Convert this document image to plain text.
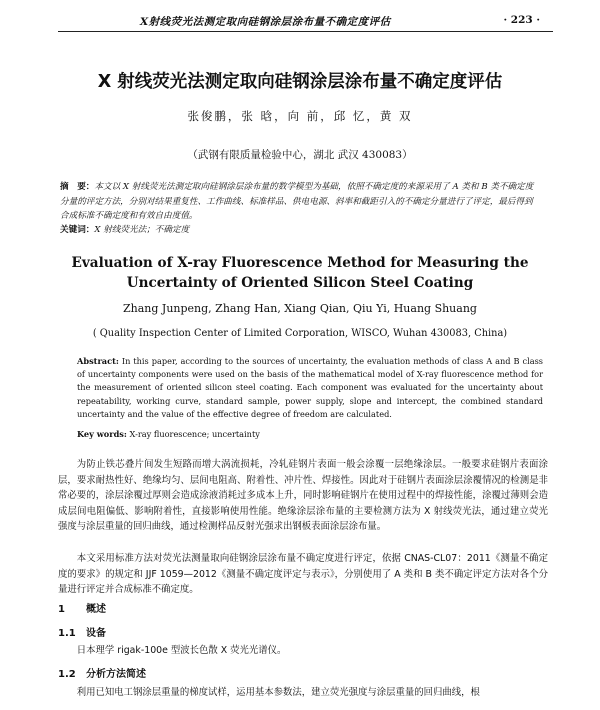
X射线荧光法测定取向硅钢涂层涂布量不确定度评估	· 223 ·
X 射线荧光法测定取向硅钢涂层涂布量不确定度评估
张俊鹏，张 晗，向 前，邱 忆，黄 双
（武钢有限质量检验中心，湖北 武汉 430083）
摘　要：本文以 X 射线荧光法测定取向硅钢涂层涂布量的数学模型为基础，依照不确定度的来源采用了 A 类和 B 类不确定度分量的评定方法，分别对结果重复性、工作曲线、标准样品、供电电源、斜率和截距引入的不确定分量进行了评定，最后得到合成标准不确定度和有效自由度值。
关键词：X 射线荧光法；不确定度
Evaluation of X-ray Fluorescence Method for Measuring the
Uncertainty of Oriented Silicon Steel Coating
Zhang Junpeng, Zhang Han, Xiang Qian, Qiu Yi, Huang Shuang
( Quality Inspection Center of Limited Corporation, WISCO, Wuhan 430083, China)
Abstract: In this paper, according to the sources of uncertainty, the evaluation methods of class A and B class of uncertainty components were used on the basis of the mathematical model of X-ray fluorescence method for the measurement of oriented silicon steel coating. Each component was evaluated for the uncertainty about repeatability, working curve, standard sample, power supply, slope and intercept, the combined standard uncertainty and the value of the effective degree of freedom are calculated.
Key words: X-ray fluorescence; uncertainty

为防止铁芯叠片间发生短路而增大涡流损耗，冷轧硅钢片表面一般会涂覆一层绝缘涂层。一般要求硅钢片表面涂层，要求耐热性好、绝缘均匀、层间电阻高、附着性、冲片性、焊接性。因此对于硅钢片表面涂层涂覆情况的检测是非常必要的，涂层涂覆过厚则会造成涂液消耗过多成本上升，同时影响硅钢片在使用过程中的焊接性能，涂覆过薄则会造成层间电阻偏低、影响附着性，直接影响使用性能。绝缘涂层涂布量的主要检测方法为 X 射线荧光法，通过建立荧光强度与涂层重量的回归曲线，通过检测样品反射光强求出钢板表面涂层涂布量。

本文采用标准方法对荧光法测量取向硅钢涂层涂布量不确定度进行评定，依据 CNAS-CL07：2011《测量不确定度的要求》的规定和 JJF 1059—2012《测量不确定度评定与表示》，分别使用了 A 类和 B 类不确定评定方法对各个分量进行评定并合成标准不确定度。

1 概述
1.1 设备

日本理学 rigak-100e 型波长色散 X 荧光光谱仪。

1.2 分析方法简述

利用已知电工钢涂层重量的梯度试样，运用基本参数法，建立荧光强度与涂层重量的回归曲线，根
